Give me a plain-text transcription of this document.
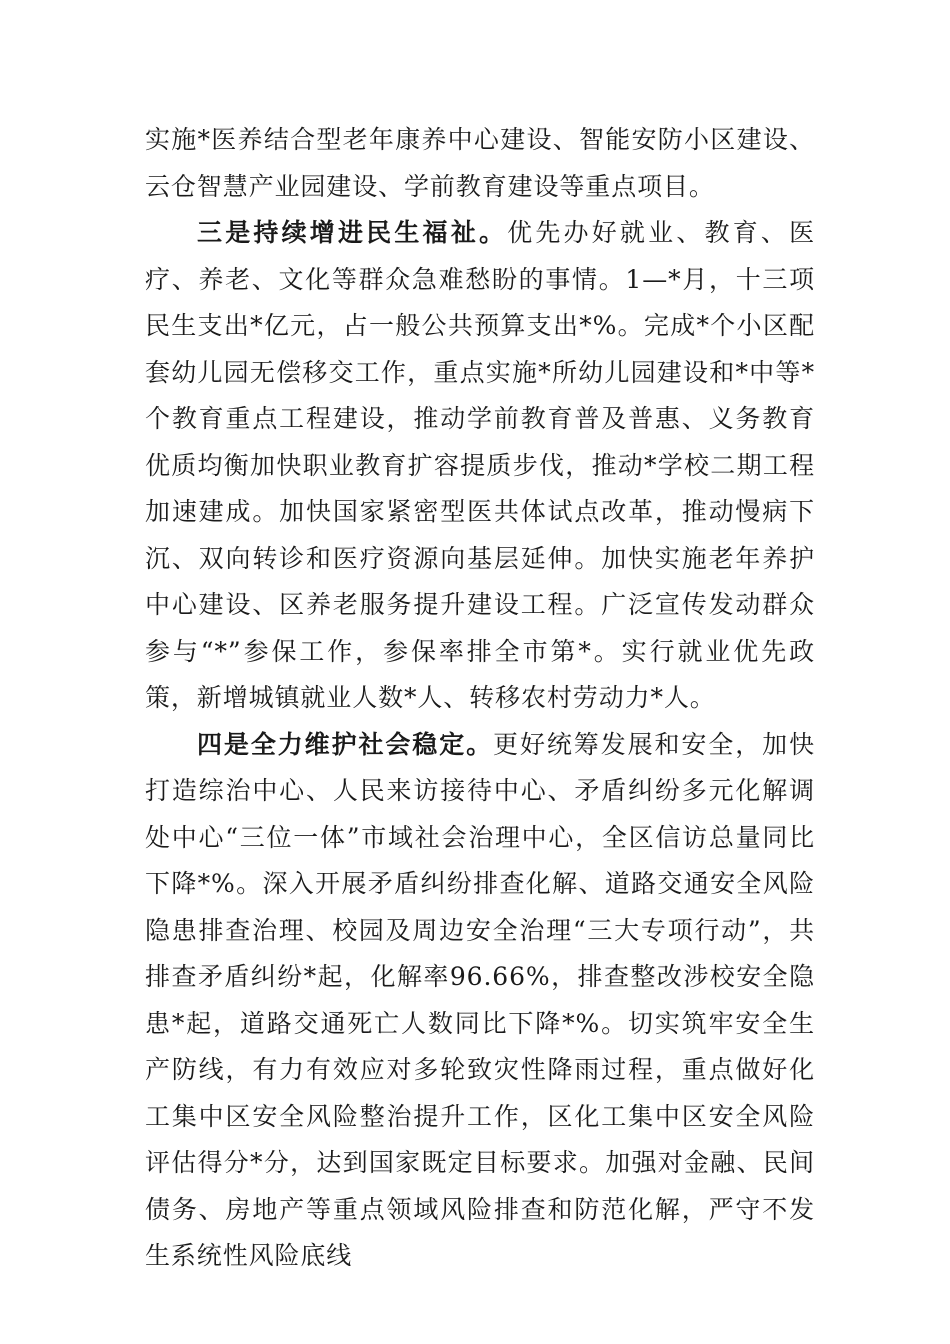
实施*医养结合型老年康养中心建设、智能安防小区建设、云仓智慧产业园建设、学前教育建设等重点项目。

三是持续增进民生福祉。优先办好就业、教育、医疗、养老、文化等群众急难愁盼的事情。1—*月，十三项民生支出*亿元，占一般公共预算支出*%。完成*个小区配套幼儿园无偿移交工作，重点实施*所幼儿园建设和*中等*个教育重点工程建设，推动学前教育普及普惠、义务教育优质均衡加快职业教育扩容提质步伐，推动*学校二期工程加速建成。加快国家紧密型医共体试点改革，推动慢病下沉、双向转诊和医疗资源向基层延伸。加快实施老年养护中心建设、区养老服务提升建设工程。广泛宣传发动群众参与“*”参保工作，参保率排全市第*。实行就业优先政策，新增城镇就业人数*人、转移农村劳动力*人。

四是全力维护社会稳定。更好统筹发展和安全，加快打造综治中心、人民来访接待中心、矛盾纠纷多元化解调处中心“三位一体”市域社会治理中心，全区信访总量同比下降*%。深入开展矛盾纠纷排查化解、道路交通安全风险隐患排查治理、校园及周边安全治理“三大专项行动”，共排查矛盾纠纷*起，化解率96.66%，排查整改涉校安全隐患*起，道路交通死亡人数同比下降*%。切实筑牢安全生产防线，有力有效应对多轮致灾性降雨过程，重点做好化工集中区安全风险整治提升工作，区化工集中区安全风险评估得分*分，达到国家既定目标要求。加强对金融、民间债务、房地产等重点领域风险排查和防范化解，严守不发生系统性风险底线
